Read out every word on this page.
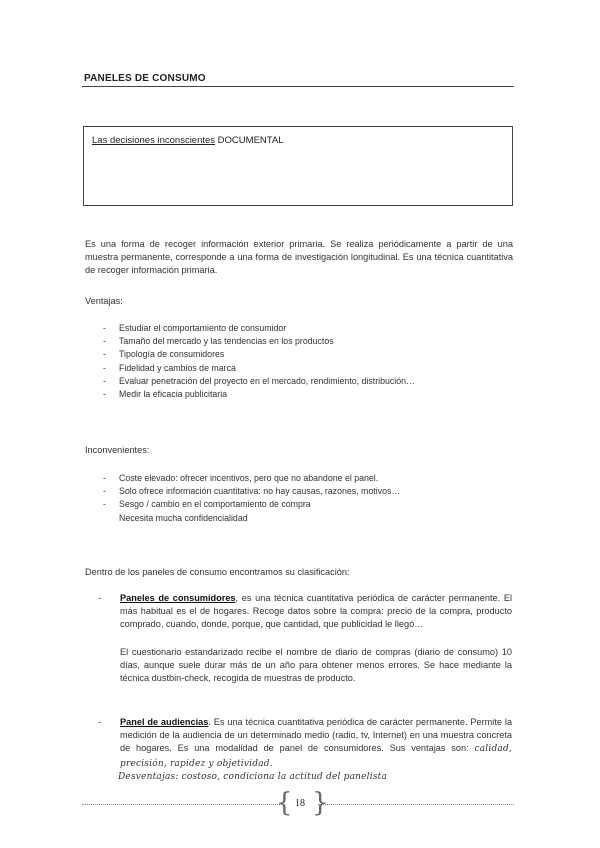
PANELES DE CONSUMO
Las decisiones inconscientes DOCUMENTAL
Es una forma de recoger información exterior primaria. Se realiza periódicamente a partir de una muestra permanente, corresponde a una forma de investigación longitudinal. Es una técnica cuantitativa de recoger información primaria.
Ventajas:
- Estudiar el comportamiento de consumidor
- Tamaño del mercado y las tendencias en los productos
- Tipología de consumidores
- Fidelidad y cambios de marca
- Evaluar penetración del proyecto en el mercado, rendimiento, distribución…
- Medir la eficacia publicitaria
Inconvenientes:
- Coste elevado: ofrecer incentivos, pero que no abandone el panel.
- Solo ofrece información cuantitativa: no hay causas, razones, motivos…
- Sesgo / cambio en el comportamiento de compra
Necesita mucha confidencialidad
Dentro de los paneles de consumo encontramos su clasificación:
- Paneles de consumidores, es una técnica cuantitativa periódica de carácter permanente. El más habitual es el de hogares. Recoge datos sobre la compra: precio de la compra, producto comprado, cuando, donde, porque, que cantidad, que publicidad le llegó…
El cuestionario estandarizado recibe el nombre de diario de compras (diario de consumo) 10 días, aunque suele durar más de un año para obtener menos errores. Se hace mediante la técnica dustbin-check, recogida de muestras de producto.
- Panel de audiencias. Es una técnica cuantitativa periódica de carácter permanente. Permite la medición de la audiencia de un determinado medio (radio, tv, Internet) en una muestra concreta de hogares. Es una modalidad de panel de consumidores. Sus ventajas son: calidad, precisión, rapidez y objetividad.
Desventajas: costoso, condiciona la actitud del panelista
{ }
18
